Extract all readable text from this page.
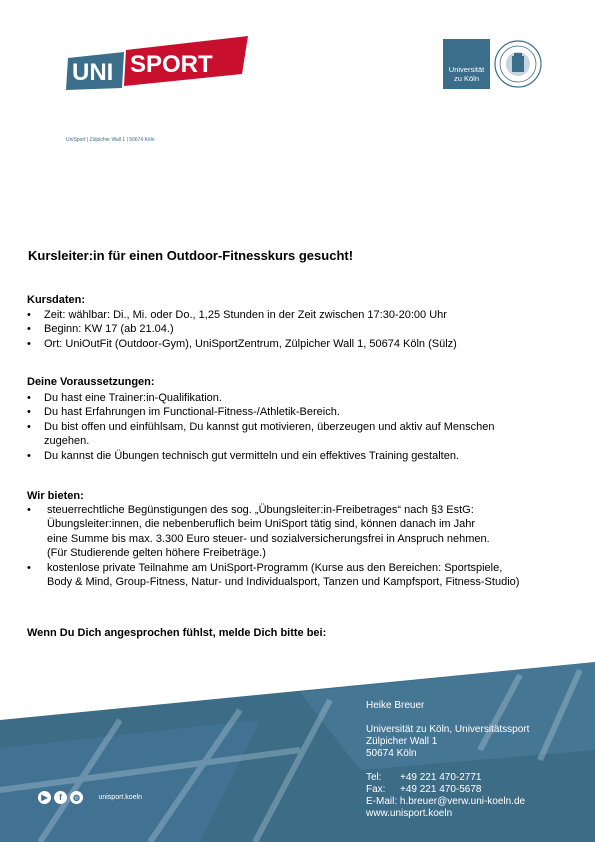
UNI SPORT	Universität
zu Köln
UniSport | Zülpicher Wall 1 | 50674 Köln
Kursleiter:in für einen Outdoor-Fitnesskurs gesucht!
Kursdaten:
• Zeit: wählbar: Di., Mi. oder Do., 1,25 Stunden in der Zeit zwischen 17:30-20:00 Uhr
• Beginn: KW 17 (ab 21.04.)
• Ort: UniOutFit (Outdoor-Gym), UniSportZentrum, Zülpicher Wall 1, 50674 Köln (Sülz)
Deine Voraussetzungen:
• Du hast eine Trainer:in-Qualifikation.
• Du hast Erfahrungen im Functional-Fitness-/Athletik-Bereich.
• Du bist offen und einfühlsam, Du kannst gut motivieren, überzeugen und aktiv auf Menschen zugehen.
• Du kannst die Übungen technisch gut vermitteln und ein effektives Training gestalten.
Wir bieten:
• steuerrechtliche Begünstigungen des sog. „Übungsleiter:in-Freibetrages“ nach §3 EstG:
Übungsleiter:innen, die nebenberuflich beim UniSport tätig sind, können danach im Jahr
eine Summe bis max. 3.300 Euro steuer- und sozialversicherungsfrei in Anspruch nehmen.
(Für Studierende gelten höhere Freibeträge.)
• kostenlose private Teilnahme am UniSport-Programm (Kurse aus den Bereichen: Sportspiele,
Body & Mind, Group-Fitness, Natur- und Individualsport, Tanzen und Kampfsport, Fitness-Studio)
Wenn Du Dich angesprochen fühlst, melde Dich bitte bei:
Heike Breuer
Universität zu Köln, Universitätssport
Zülpicher Wall 1
50674 Köln
Tel: +49 221 470-2771
Fax: +49 221 470-5678
E-Mail: h.breuer@verw.uni-koeln.de
www.unisport.koeln
▶ f ◍	unisport.koeln
